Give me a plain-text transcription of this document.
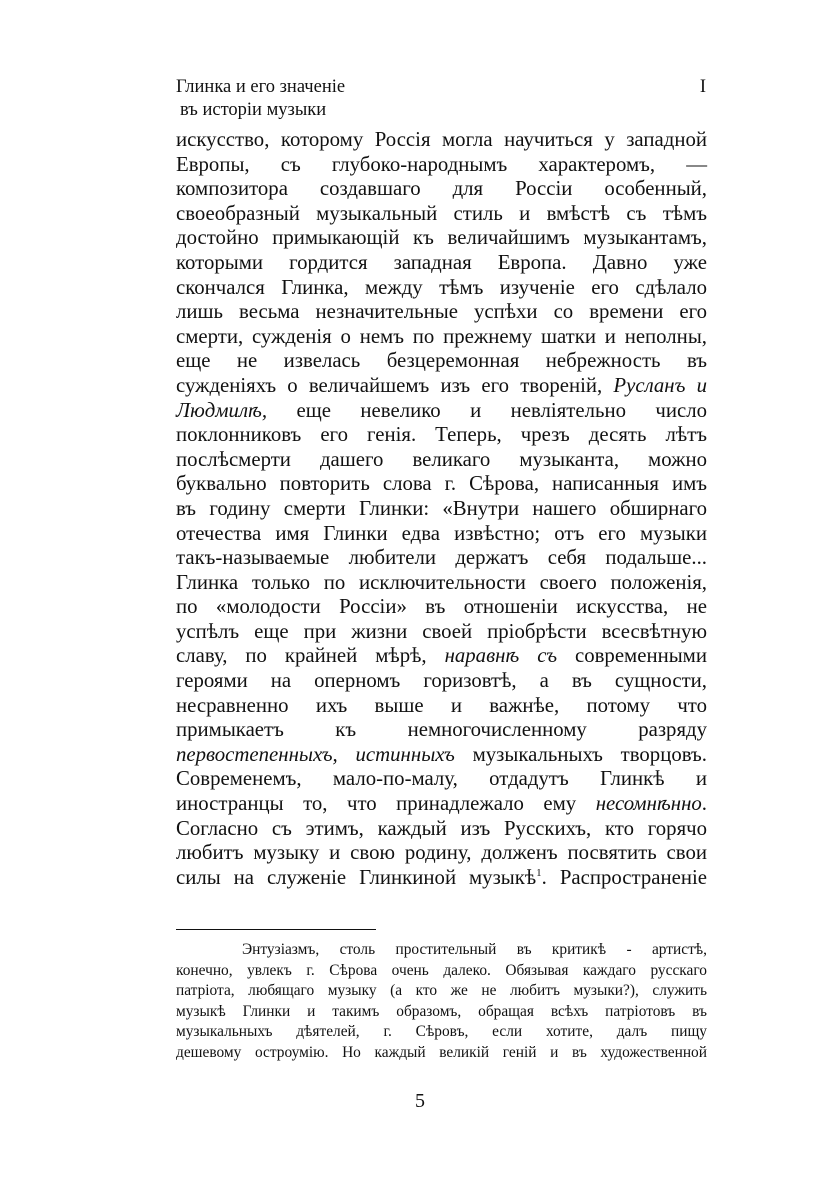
Глинка и его значенiе
въ исторiи музыки
I
искусство, которому Россiя могла научиться у западной
Европы, съ глубоко-народнымъ характеромъ, —
композитора создавшаго для Россiи особенный,
своеобразный музыкальный стиль и вмѣстѣ съ тѣмъ
достойно примыкающiй къ величайшимъ музыкантамъ,
которыми гордится западная Европа. Давно уже
скончался Глинка, между тѣмъ изученiе его сдѣлало
лишь весьма незначительные успѣхи со времени его
смерти, сужденiя о немъ по прежнему шатки и неполны,
еще не извелась безцеремонная небрежность въ
сужденiяхъ о величайшемъ изъ его творенiй, Русланъ и
Людмилѣ, еще невелико и невлiятельно число
поклонниковъ его генiя. Теперь, чрезъ десять лѣтъ
послѣсмерти дашего великаго музыканта, можно
буквально повторить слова г. Сѣрова, написанныя имъ
въ годину смерти Глинки: «Внутри нашего обширнаго
отечества имя Глинки едва извѣстно; отъ его музыки
такъ-называемые любители держатъ себя подальше...
Глинка только по исключительности своего положенiя,
по «молодости Россiи» въ отношенiи искусства, не
успѣлъ еще при жизни своей прiобрѣсти всесвѣтную
славу, по крайней мѣрѣ, наравнѣ съ современными
героями на оперномъ горизовтѣ, а въ сущности,
несравненно ихъ выше и важнѣе, потому что
примыкаетъ къ немногочисленному разряду
первостепенныхъ, истинныхъ музыкальныхъ творцовъ.
Современемъ, мало-по-малу, отдадутъ Глинкѣ и
иностранцы то, что принадлежало ему несомнѣнно.
Согласно съ этимъ, каждый изъ Русскихъ, кто горячо
любитъ музыку и свою родину, долженъ посвятить свои
силы на служенiе Глинкиной музыкѣ$^1$. Распространенiе
Энтузiазмъ, столь простительный въ критикѣ - артистѣ,
конечно, увлекъ г. Сѣрова очень далеко. Обязывая каждаго русскаго
патрiота, любящаго музыку (а кто же не любитъ музыки?), служить
музыкѣ Глинки и такимъ образомъ, обращая всѣхъ патрiотовъ въ
музыкальныхъ дѣятелей, г. Сѣровъ, если хотите, далъ пищу
дешевому остроумiю. Но каждый великiй генiй и въ художественной
5
